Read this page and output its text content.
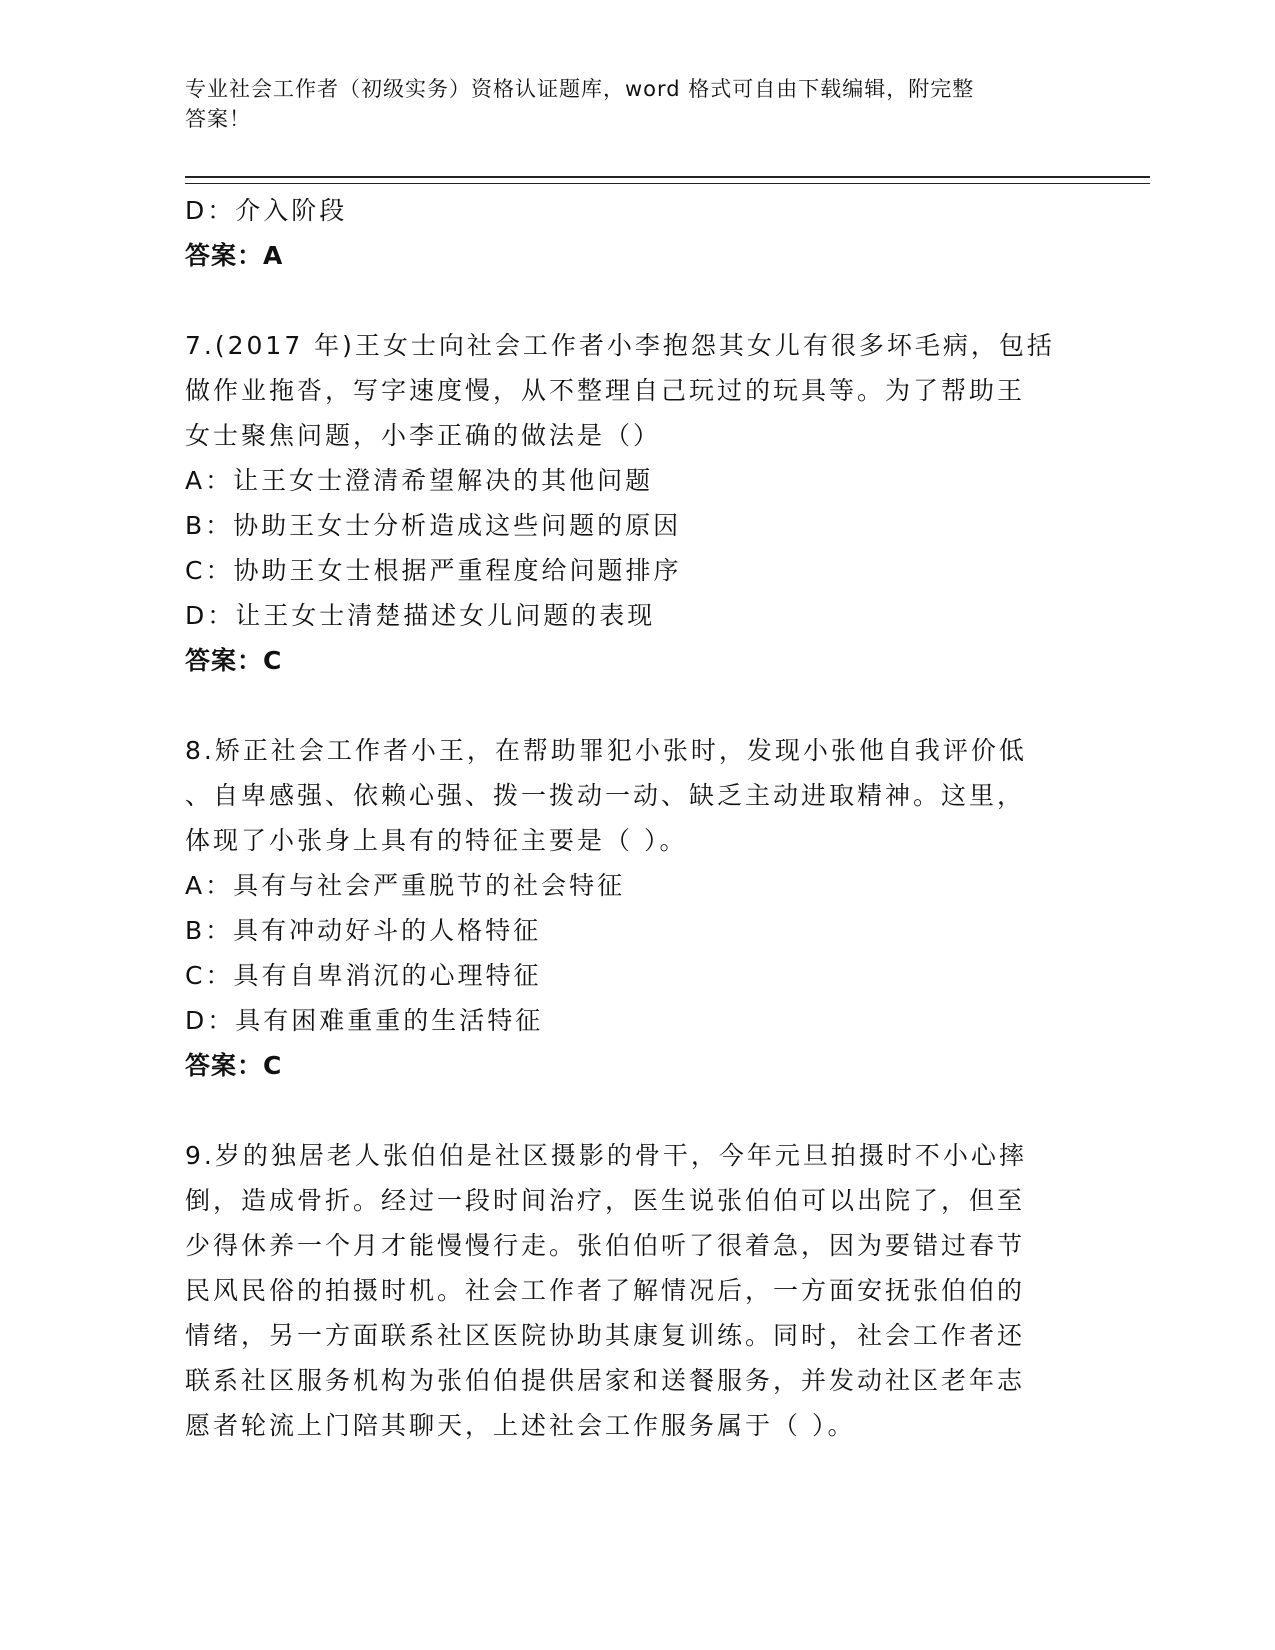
专业社会工作者（初级实务）资格认证题库，word 格式可自由下载编辑，附完整
答案！

D：介入阶段

答案：A

7.(2017 年)王女士向社会工作者小李抱怨其女儿有很多坏毛病，包括

做作业拖沓，写字速度慢，从不整理自己玩过的玩具等。为了帮助王

女士聚焦问题，小李正确的做法是（）

A：让王女士澄清希望解决的其他问题

B：协助王女士分析造成这些问题的原因

C：协助王女士根据严重程度给问题排序

D：让王女士清楚描述女儿问题的表现

答案：C

8.矫正社会工作者小王，在帮助罪犯小张时，发现小张他自我评价低

、自卑感强、依赖心强、拨一拨动一动、缺乏主动进取精神。这里，

体现了小张身上具有的特征主要是（ ）。

A：具有与社会严重脱节的社会特征

B：具有冲动好斗的人格特征

C：具有自卑消沉的心理特征

D：具有困难重重的生活特征

答案：C

9.岁的独居老人张伯伯是社区摄影的骨干，今年元旦拍摄时不小心摔

倒，造成骨折。经过一段时间治疗，医生说张伯伯可以出院了，但至

少得休养一个月才能慢慢行走。张伯伯听了很着急，因为要错过春节

民风民俗的拍摄时机。社会工作者了解情况后，一方面安抚张伯伯的

情绪，另一方面联系社区医院协助其康复训练。同时，社会工作者还

联系社区服务机构为张伯伯提供居家和送餐服务，并发动社区老年志

愿者轮流上门陪其聊天，上述社会工作服务属于（ ）。
